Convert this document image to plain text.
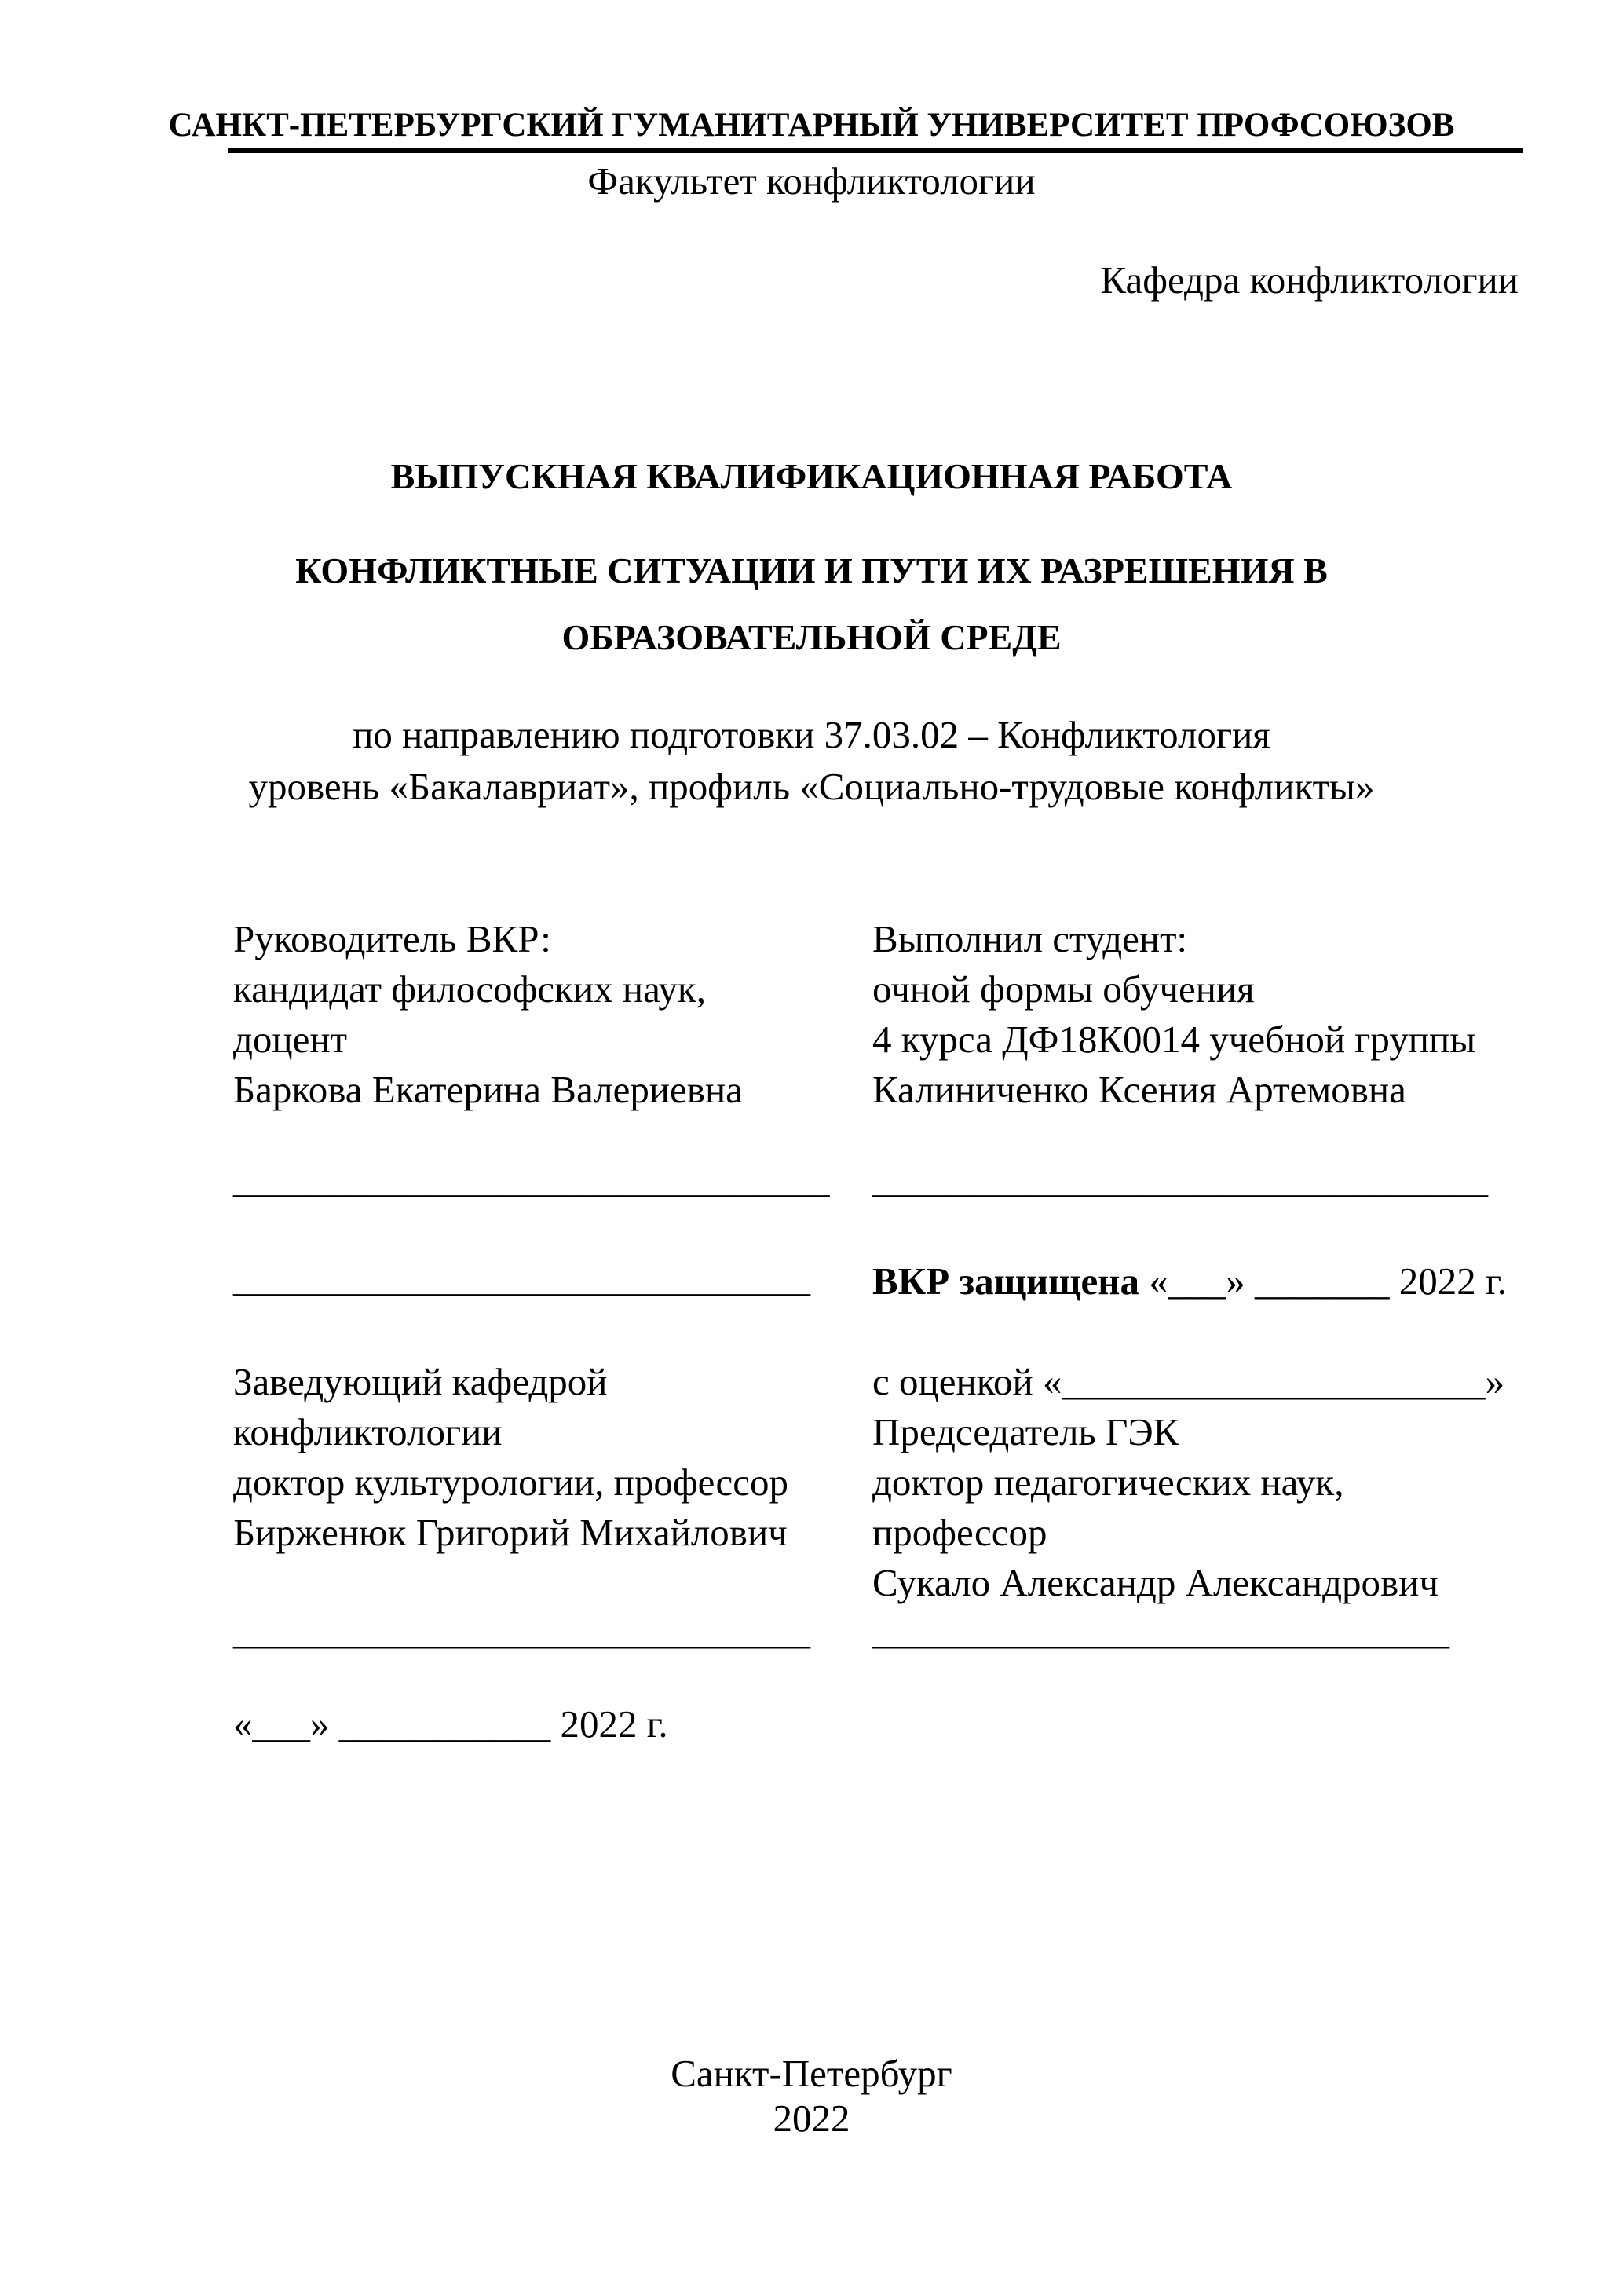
САНКТ-ПЕТЕРБУРГСКИЙ ГУМАНИТАРНЫЙ УНИВЕРСИТЕТ ПРОФСОЮЗОВ
Факультет конфликтологии
Кафедра конфликтологии
ВЫПУСКНАЯ КВАЛИФИКАЦИОННАЯ РАБОТА
КОНФЛИКТНЫЕ СИТУАЦИИ И ПУТИ ИХ РАЗРЕШЕНИЯ В
ОБРАЗОВАТЕЛЬНОЙ СРЕДЕ
по направлению подготовки 37.03.02 – Конфликтология
уровень «Бакалавриат», профиль «Социально-трудовые конфликты»
Руководитель ВКР:
кандидат философских наук,
доцент
Баркова Екатерина Валериевна
Выполнил студент:
очной формы обучения
4 курса ДФ18К0014 учебной группы
Калиниченко Ксения Артемовна
_______________________________ ________________________________
______________________________ ВКР защищена «___» _______ 2022 г.
Заведующий кафедрой
конфликтологии
доктор культурологии, профессор
Бирженюк Григорий Михайлович
с оценкой «______________________»
Председатель ГЭК
доктор педагогических наук,
профессор
Сукало Александр Александрович
______________________________ ______________________________
«___» ___________ 2022 г.
Санкт-Петербург
2022
